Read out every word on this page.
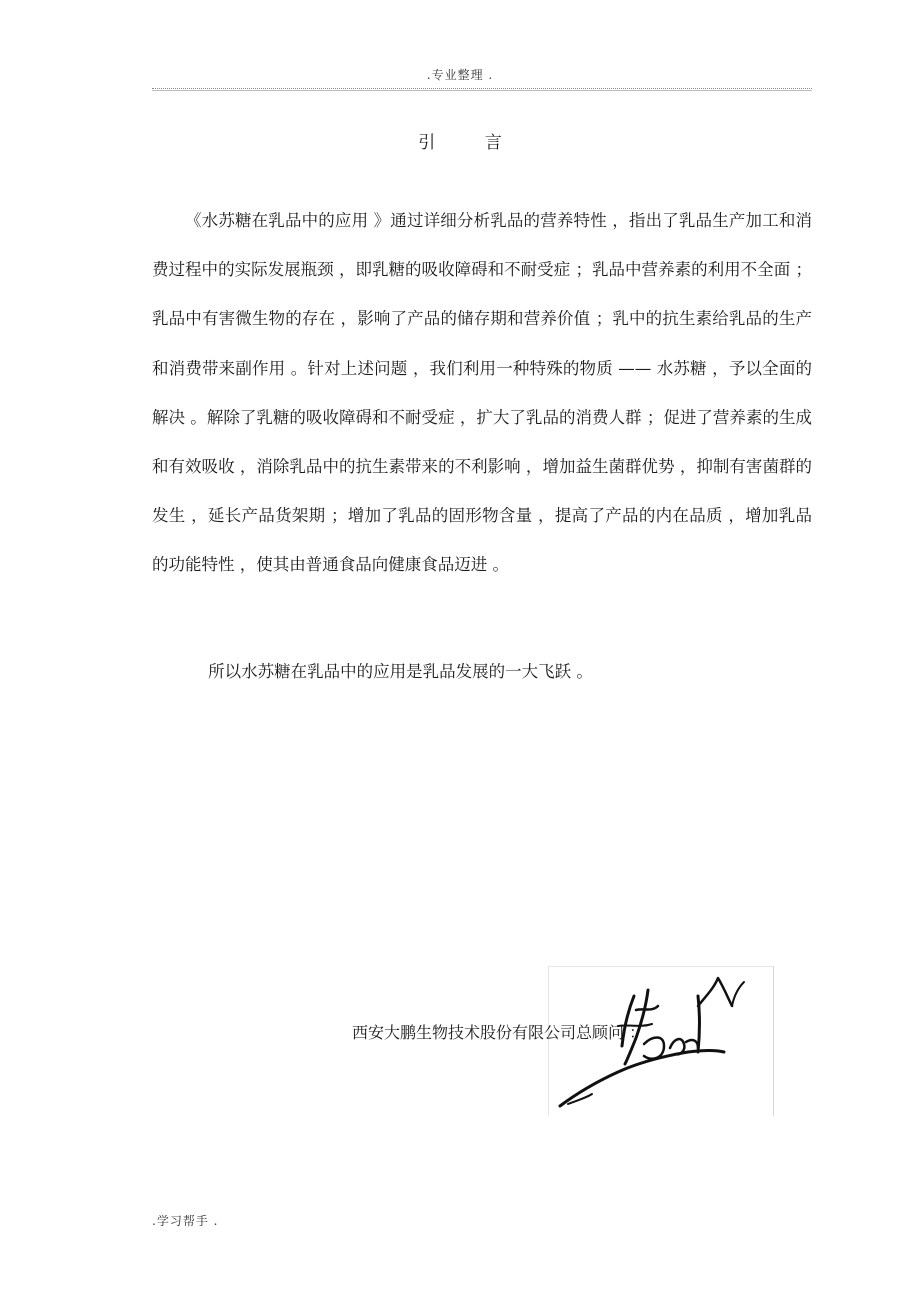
.专业整理 .
引 言

《水苏糖在乳品中的应用 》通过详细分析乳品的营养特性 ，指出了乳品生产加工和消费过程中的实际发展瓶颈 ，即乳糖的吸收障碍和不耐受症 ；乳品中营养素的利用不全面 ；乳品中有害微生物的存在 ，影响了产品的储存期和营养价值 ；乳中的抗生素给乳品的生产和消费带来副作用 。针对上述问题 ，我们利用一种特殊的物质 —— 水苏糖 ，予以全面的解决 。解除了乳糖的吸收障碍和不耐受症 ，扩大了乳品的消费人群 ；促进了营养素的生成和有效吸收 ，消除乳品中的抗生素带来的不利影响 ，增加益生菌群优势 ，抑制有害菌群的发生 ，延长产品货架期 ；增加了乳品的固形物含量 ，提高了产品的内在品质 ，增加乳品的功能特性 ，使其由普通食品向健康食品迈进 。

所以水苏糖在乳品中的应用是乳品发展的一大飞跃 。

西安大鹏生物技术股份有限公司总顾问 ：
.学习帮手 .
